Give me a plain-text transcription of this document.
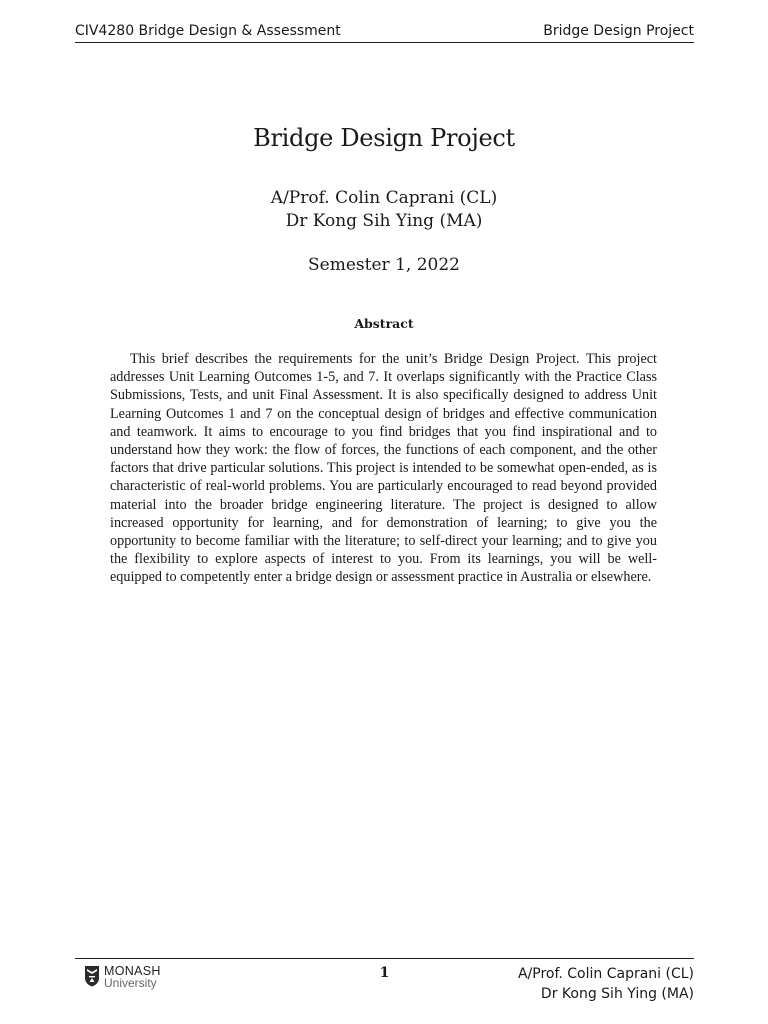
CIV4280 Bridge Design & Assessment	Bridge Design Project
Bridge Design Project
A/Prof. Colin Caprani (CL)
Dr Kong Sih Ying (MA)
Semester 1, 2022
Abstract

This brief describes the requirements for the unit’s Bridge Design Project. This project addresses Unit Learning Outcomes 1-5, and 7. It overlaps significantly with the Practice Class Submissions, Tests, and unit Final Assessment. It is also specifically designed to address Unit Learning Outcomes 1 and 7 on the conceptual design of bridges and effective communication and teamwork. It aims to encourage to you find bridges that you find inspirational and to understand how they work: the flow of forces, the functions of each component, and the other factors that drive particular solutions. This project is intended to be somewhat open-ended, as is characteristic of real-world problems. You are particularly encouraged to read beyond provided material into the broader bridge engineering literature. The project is designed to allow increased opportunity for learning, and for demonstration of learning; to give you the opportunity to become familiar with the literature; to self-direct your learning; and to give you the flexibility to explore aspects of interest to you. From its learnings, you will be well-equipped to competently enter a bridge design or assessment practice in Australia or elsewhere.

MONASH
University
1	A/Prof. Colin Caprani (CL)
Dr Kong Sih Ying (MA)
